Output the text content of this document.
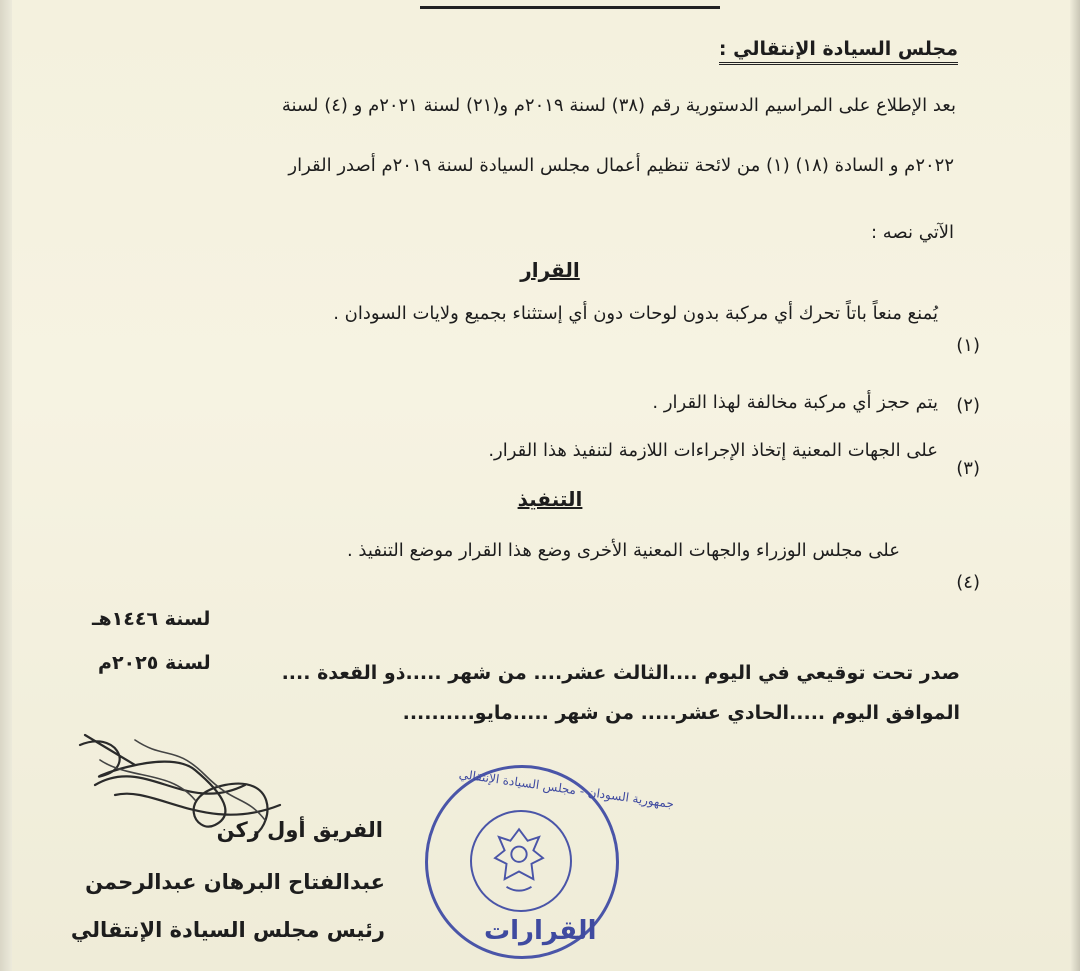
مجلس السيادة الإنتقالي :
بعد الإطلاع على المراسيم الدستورية رقم (٣٨) لسنة ٢٠١٩م و(٢١) لسنة ٢٠٢١م و (٤) لسنة
٢٠٢٢م و السادة (١٨) (١) من لائحة تنظيم أعمال مجلس السيادة لسنة ٢٠١٩م أصدر القرار
الآتي نصه :
القرار
(١)
يُمنع منعاً باتاً تحرك أي مركبة بدون لوحات دون أي إستثناء بجميع ولايات السودان .
(٢)
يتم حجز أي مركبة مخالفة لهذا القرار .
(٣)
على الجهات المعنية إتخاذ الإجراءات اللازمة لتنفيذ هذا القرار.
التنفيذ
(٤)
على مجلس الوزراء والجهات المعنية الأخرى وضع هذا القرار موضع التنفيذ .
لسنة ١٤٤٦هـ
صدر تحت توقيعي في اليوم ....الثالث عشر.... من شهر .....ذو القعدة ....
لسنة ٢٠٢٥م
الموافق اليوم .....الحادي عشر..... من شهر .....مايو..........
الفريق أول ركن
عبدالفتاح البرهان عبدالرحمن
رئيس مجلس السيادة الإنتقالي
جمهورية السودان - مجلس السيادة الإنتقالي
القرارات
